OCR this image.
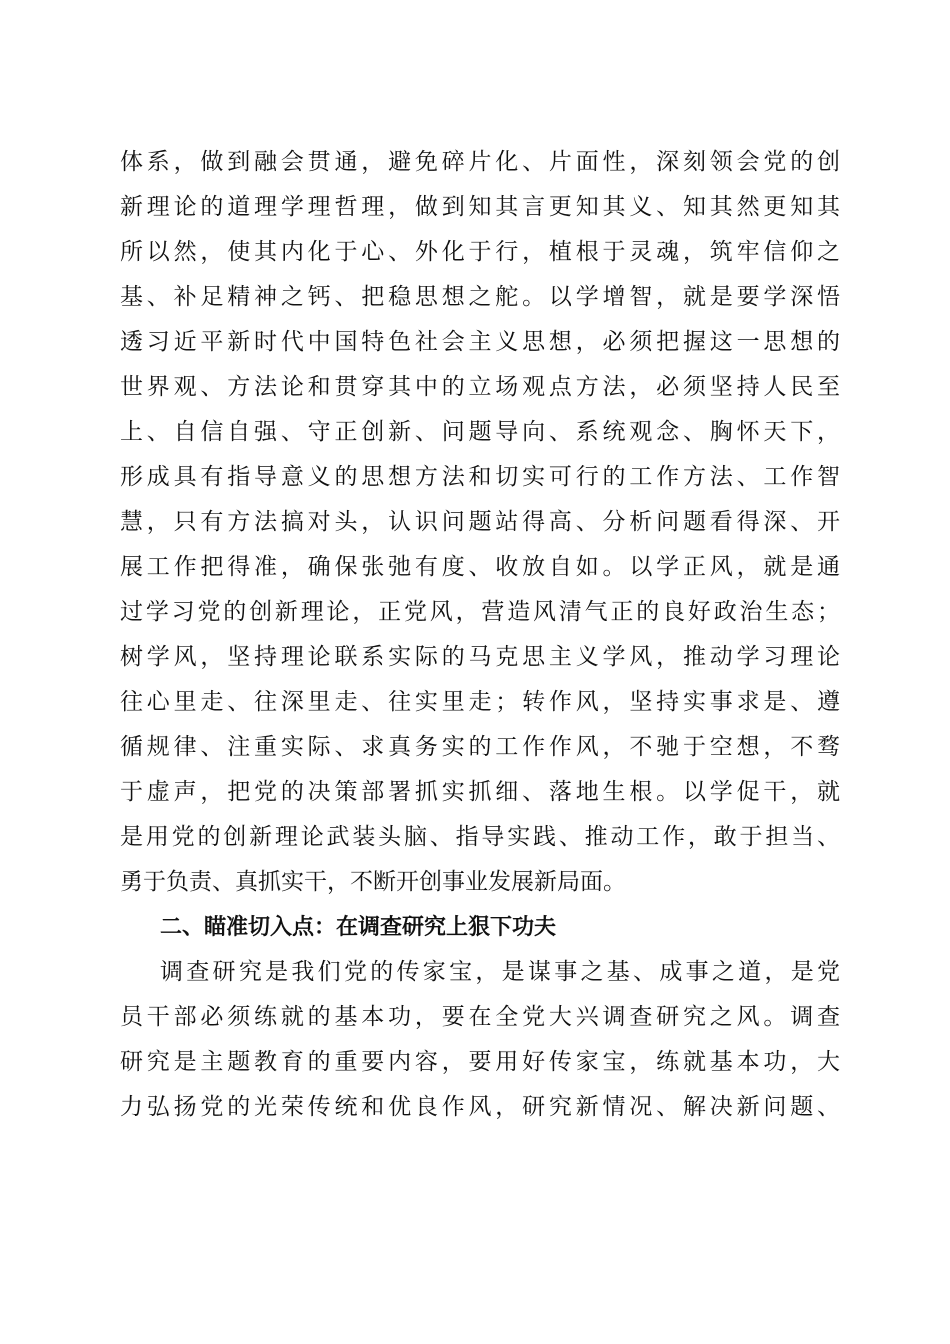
体系，做到融会贯通，避免碎片化、片面性，深刻领会党的创
新理论的道理学理哲理，做到知其言更知其义、知其然更知其
所以然，使其内化于心、外化于行，植根于灵魂，筑牢信仰之
基、补足精神之钙、把稳思想之舵。以学增智，就是要学深悟
透习近平新时代中国特色社会主义思想，必须把握这一思想的
世界观、方法论和贯穿其中的立场观点方法，必须坚持人民至
上、自信自强、守正创新、问题导向、系统观念、胸怀天下，
形成具有指导意义的思想方法和切实可行的工作方法、工作智
慧，只有方法搞对头，认识问题站得高、分析问题看得深、开
展工作把得准，确保张弛有度、收放自如。以学正风，就是通
过学习党的创新理论，正党风，营造风清气正的良好政治生态；
树学风，坚持理论联系实际的马克思主义学风，推动学习理论
往心里走、往深里走、往实里走；转作风，坚持实事求是、遵
循规律、注重实际、求真务实的工作作风，不驰于空想，不骛
于虚声，把党的决策部署抓实抓细、落地生根。以学促干，就
是用党的创新理论武装头脑、指导实践、推动工作，敢于担当、
勇于负责、真抓实干，不断开创事业发展新局面。
二、瞄准切入点：在调查研究上狠下功夫
调查研究是我们党的传家宝，是谋事之基、成事之道，是党
员干部必须练就的基本功，要在全党大兴调查研究之风。调查
研究是主题教育的重要内容，要用好传家宝，练就基本功，大
力弘扬党的光荣传统和优良作风，研究新情况、解决新问题、
